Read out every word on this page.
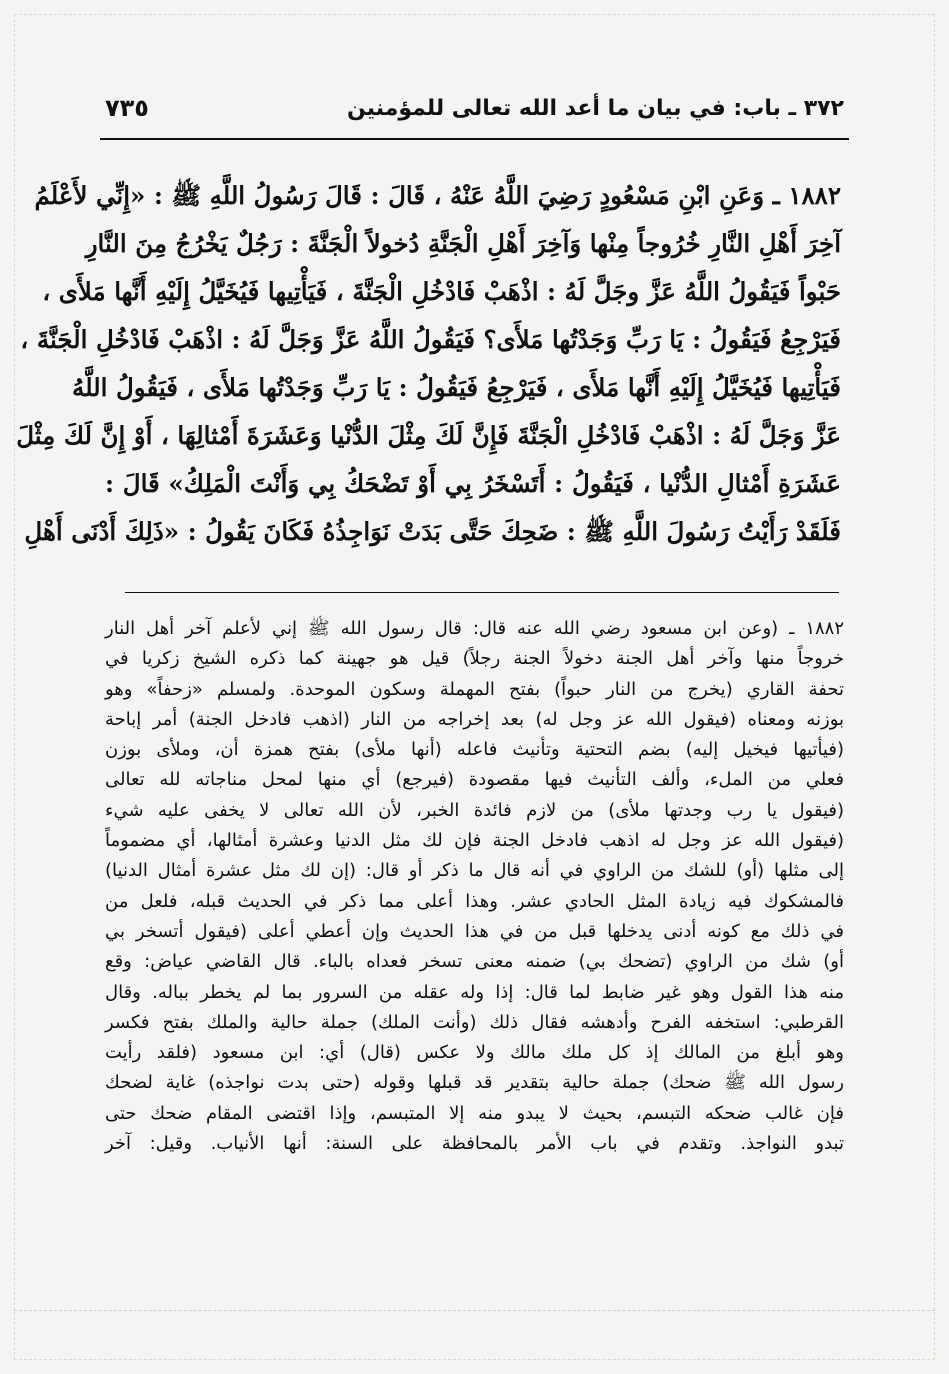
٣٧٢ ـ باب: في بيان ما أعد الله تعالى للمؤمنين
٧٣٥
١٨٨٢ ـ وَعَنِ ابْنِ مَسْعُودٍ رَضِيَ اللَّهُ عَنْهُ ، قَالَ : قَالَ رَسُولُ اللَّهِ ﷺ : «إِنِّي لأَعْلَمُ
آخِرَ أَهْلِ النَّارِ خُرُوجاً مِنْها وَآخِرَ أَهْلِ الْجَنَّةِ دُخولاً الْجَنَّةَ : رَجُلٌ يَخْرُجُ مِنَ النَّارِ
حَبْواً فَيَقُولُ اللَّهُ عَزَّ وجَلَّ لَهُ : اذْهَبْ فَادْخُلِ الْجَنَّةَ ، فَيَأْتِيها فَيُخَيَّلُ إِلَيْهِ أَنَّها مَلأَى ،
فَيَرْجِعُ فَيَقُولُ : يَا رَبِّ وَجَدْتُها مَلأَى؟ فَيَقُولُ اللَّهُ عَزَّ وَجَلَّ لَهُ : اذْهَبْ فَادْخُلِ الْجَنَّةَ ،
فَيَأْتِيها فَيُخَيَّلُ إِلَيْهِ أَنَّها مَلأَى ، فَيَرْجِعُ فَيَقُولُ : يَا رَبِّ وَجَدْتُها مَلأَى ، فَيَقُولُ اللَّهُ
عَزَّ وَجَلَّ لَهُ : اذْهَبْ فَادْخُلِ الْجَنَّةَ فَإِنَّ لَكَ مِثْلَ الدُّنْيا وَعَشَرَةَ أَمْثالِهَا ، أَوْ إِنَّ لَكَ مِثْلَ
عَشَرَةِ أَمْثالِ الدُّنْيا ، فَيَقُولُ : أَتَسْخَرُ بِي أَوْ تَضْحَكُ بِي وَأَنْتَ الْمَلِكُ» قَالَ :
فَلَقَدْ رَأَيْتُ رَسُولَ اللَّهِ ﷺ : ضَحِكَ حَتَّى بَدَتْ نَوَاجِذُهُ فَكَانَ يَقُولُ : «ذَلِكَ أَدْنَى أَهْلِ
١٨٨٢ ـ (وعن ابن مسعود رضي الله عنه قال: قال رسول الله ﷺ إني لأعلم آخر أهل النار
خروجاً منها وآخر أهل الجنة دخولاً الجنة رجلاً) قيل هو جهينة كما ذكره الشيخ زكريا في
تحفة القاري (يخرج من النار حبواً) بفتح المهملة وسكون الموحدة. ولمسلم «زحفاً» وهو
بوزنه ومعناه (فيقول الله عز وجل له) بعد إخراجه من النار (اذهب فادخل الجنة) أمر إباحة
(فيأتيها فيخيل إليه) بضم التحتية وتأنيث فاعله (أنها ملأى) بفتح همزة أن، وملأى بوزن
فعلي من الملء، وألف التأنيث فيها مقصودة (فيرجع) أي منها لمحل مناجاته لله تعالى
(فيقول يا رب وجدتها ملأى) من لازم فائدة الخبر، لأن الله تعالى لا يخفى عليه شيء
(فيقول الله عز وجل له اذهب فادخل الجنة فإن لك مثل الدنيا وعشرة أمثالها، أي مضموماً
إلى مثلها (أو) للشك من الراوي في أنه قال ما ذكر أو قال: (إن لك مثل عشرة أمثال الدنيا)
فالمشكوك فيه زيادة المثل الحادي عشر. وهذا أعلى مما ذكر في الحديث قبله، فلعل من
في ذلك مع كونه أدنى يدخلها قبل من في هذا الحديث وإن أعطي أعلى (فيقول أتسخر بي
أو) شك من الراوي (تضحك بي) ضمنه معنى تسخر فعداه بالباء. قال القاضي عياض: وقع
منه هذا القول وهو غير ضابط لما قال: إذا وله عقله من السرور بما لم يخطر بباله. وقال
القرطبي: استخفه الفرح وأدهشه فقال ذلك (وأنت الملك) جملة حالية والملك بفتح فكسر
وهو أبلغ من المالك إذ كل ملك مالك ولا عكس (قال) أي: ابن مسعود (فلقد رأيت
رسول الله ﷺ ضحك) جملة حالية بتقدير قد قبلها وقوله (حتى بدت نواجذه) غاية لضحك
فإن غالب ضحكه التبسم، بحيث لا يبدو منه إلا المتبسم، وإذا اقتضى المقام ضحك حتى
تبدو النواجذ. وتقدم في باب الأمر بالمحافظة على السنة: أنها الأنياب. وقيل: آخر
